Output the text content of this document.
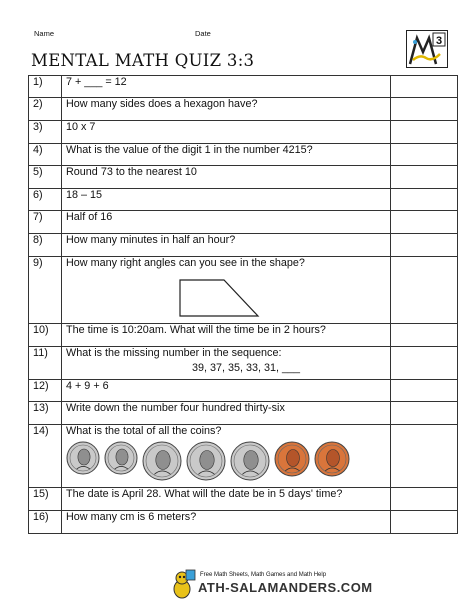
Name	Date
MENTAL MATH QUIZ 3:3
3
1)	7 + ___ = 12	
2)	How many sides does a hexagon have?	
3)	10 x 7	
4)	What is the value of the digit 1 in the number 4215?	
5)	Round 73 to the nearest 10	
6)	18 – 15	
7)	Half of 16	
8)	How many minutes in half an hour?	
9)	How many right angles can you see in the shape?

10)	The time is 10:20am. What will the time be in 2 hours?	
11)	What is the missing number in the sequence:
39, 37, 35, 33, 31, ___	

12)	4 + 9 + 6	
13)	Write down the number four hundred thirty-six	
14)	What is the total of all the coins?

15)	The date is April 28. What will the date be in 5 days' time?	
16)	How many cm is 6 meters?	
Free Math Sheets, Math Games and Math Help
ATH-SALAMANDERS.COM
